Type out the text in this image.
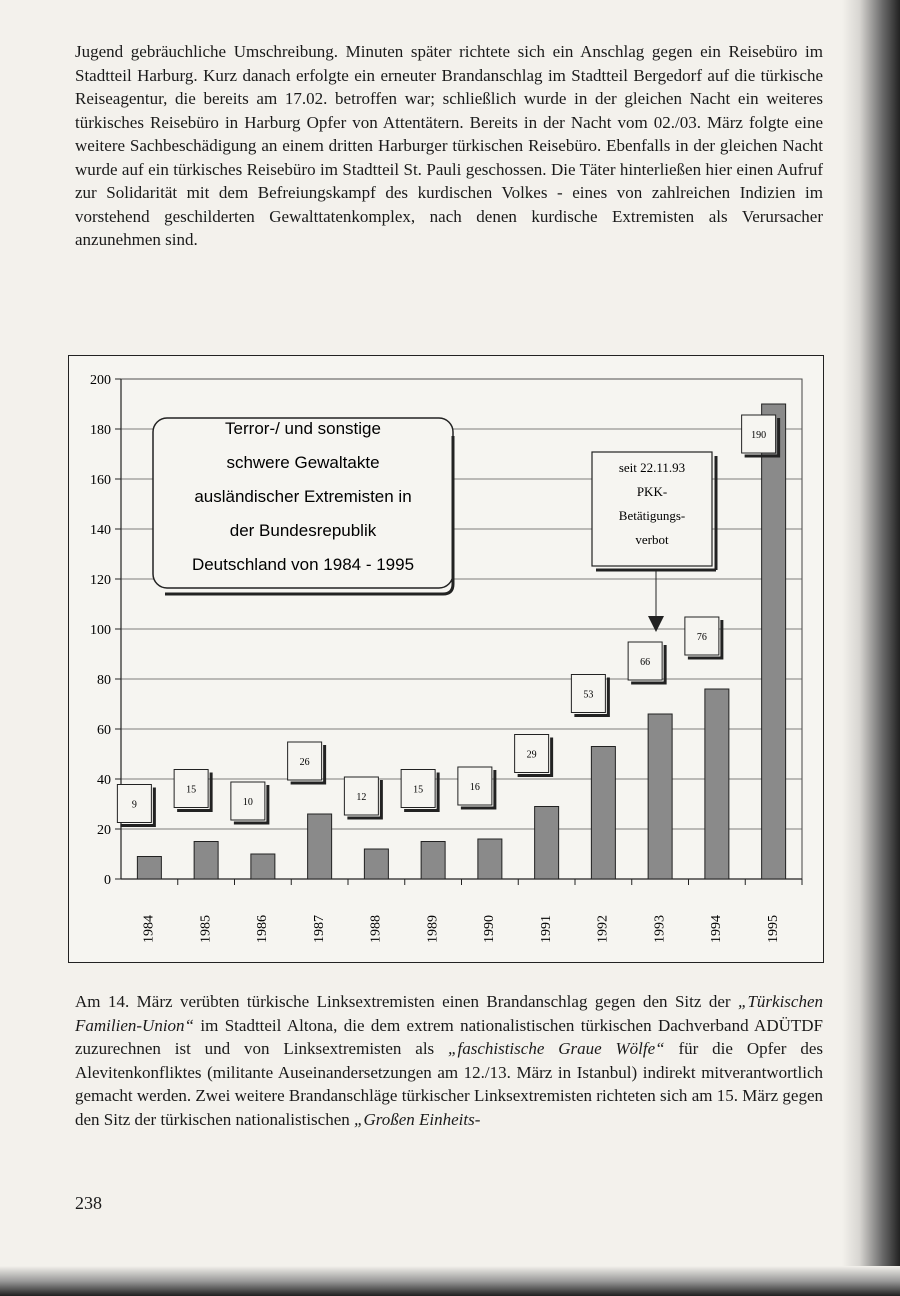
Jugend gebräuchliche Umschreibung. Minuten später richtete sich ein Anschlag gegen ein Reisebüro im Stadtteil Harburg. Kurz danach erfolgte ein erneuter Brandanschlag im Stadtteil Bergedorf auf die türkische Reiseagentur, die bereits am 17.02. betroffen war; schließlich wurde in der gleichen Nacht ein weiteres türkisches Reisebüro in Harburg Opfer von Attentätern. Bereits in der Nacht vom 02./03. März folgte eine weitere Sachbeschädigung an einem dritten Harburger türkischen Reisebüro. Ebenfalls in der gleichen Nacht wurde auf ein türkisches Reisebüro im Stadtteil St. Pauli geschossen. Die Täter hinterließen hier einen Aufruf zur Solidarität mit dem Befreiungskampf des kurdischen Volkes - eines von zahlreichen Indizien im vorstehend geschilderten Gewalttatenkomplex, nach denen kurdische Extremisten als Verursacher anzunehmen sind.

0
20
40
60
80
100
120
140
160
180
200
1984	1985	1986	1987	1988	1989	1990	1991	1992	1993	1994	1995
9
15
10
26
12
15	16
29
53
66
76
190
Terror-/ und sonstige
schwere Gewaltakte
ausländischer Extremisten in
der Bundesrepublik
Deutschland von 1984 - 1995
seit 22.11.93
PKK-
Betätigungs-
verbot

Am 14. März verübten türkische Linksextremisten einen Brandanschlag gegen den Sitz der „Türkischen Familien-Union“ im Stadtteil Altona, die dem extrem nationalistischen türkischen Dachverband ADÜTDF zuzurechnen ist und von Linksextremisten als „faschistische Graue Wölfe“ für die Opfer des Alevitenkonfliktes (militante Auseinandersetzungen am 12./13. März in Istanbul) indirekt mitverantwortlich gemacht werden. Zwei weitere Brandanschläge türkischer Linksextremisten richteten sich am 15. März gegen den Sitz der türkischen nationalistischen „Großen Einheits-

238
